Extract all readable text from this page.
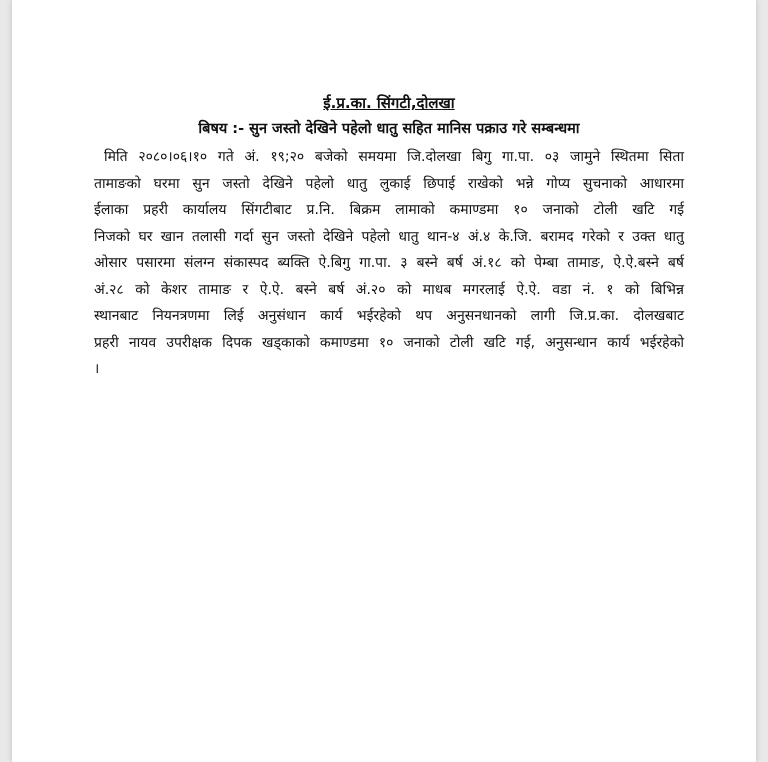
ई.प्र.का. सिंगटी,दोलखा

बिषय :- सुन जस्तो देखिने पहेलो धातु सहित मानिस पक्राउ गरे सम्बन्धमा

मिति २०८०।०६।१० गते अं. १९;२० बजेको समयमा जि.दोलखा बिगु गा.पा. ०३ जामुने स्थितमा सिता
तामाङको घरमा सुन जस्तो देखिने पहेलो धातु लुकाई छिपाई राखेको भन्ने गोप्य सुचनाको आधारमा
ईलाका प्रहरी कार्यालय सिंगटीबाट प्र.नि. बिक्रम लामाको कमाण्डमा १० जनाको टोली खटि गई
निजको घर खान तलासी गर्दा सुन जस्तो देखिने पहेलो धातु थान-४ अं.४ के.जि. बरामद गरेको र उक्त धातु
ओसार पसारमा संलग्न संकास्पद ब्यक्ति ऐ.बिगु गा.पा. ३ बस्ने बर्ष अं.१८ को पेम्बा तामाङ, ऐ.ऐ.बस्ने बर्ष
अं.२८ को केशर तामाङ र ऐ.ऐ. बस्ने बर्ष अं.२० को माधब मगरलाई ऐ.ऐ. वडा नं. १ को बिभिन्न
स्थानबाट नियनत्रणमा लिई अनुसंधान कार्य भईरहेको थप अनुसनधानको लागी जि.प्र.का. दोलखबाट
प्रहरी नायव उपरीक्षक दिपक खड्काको कमाण्डमा १० जनाको टोली खटि गई, अनुसन्धान कार्य भईरहेको
।
